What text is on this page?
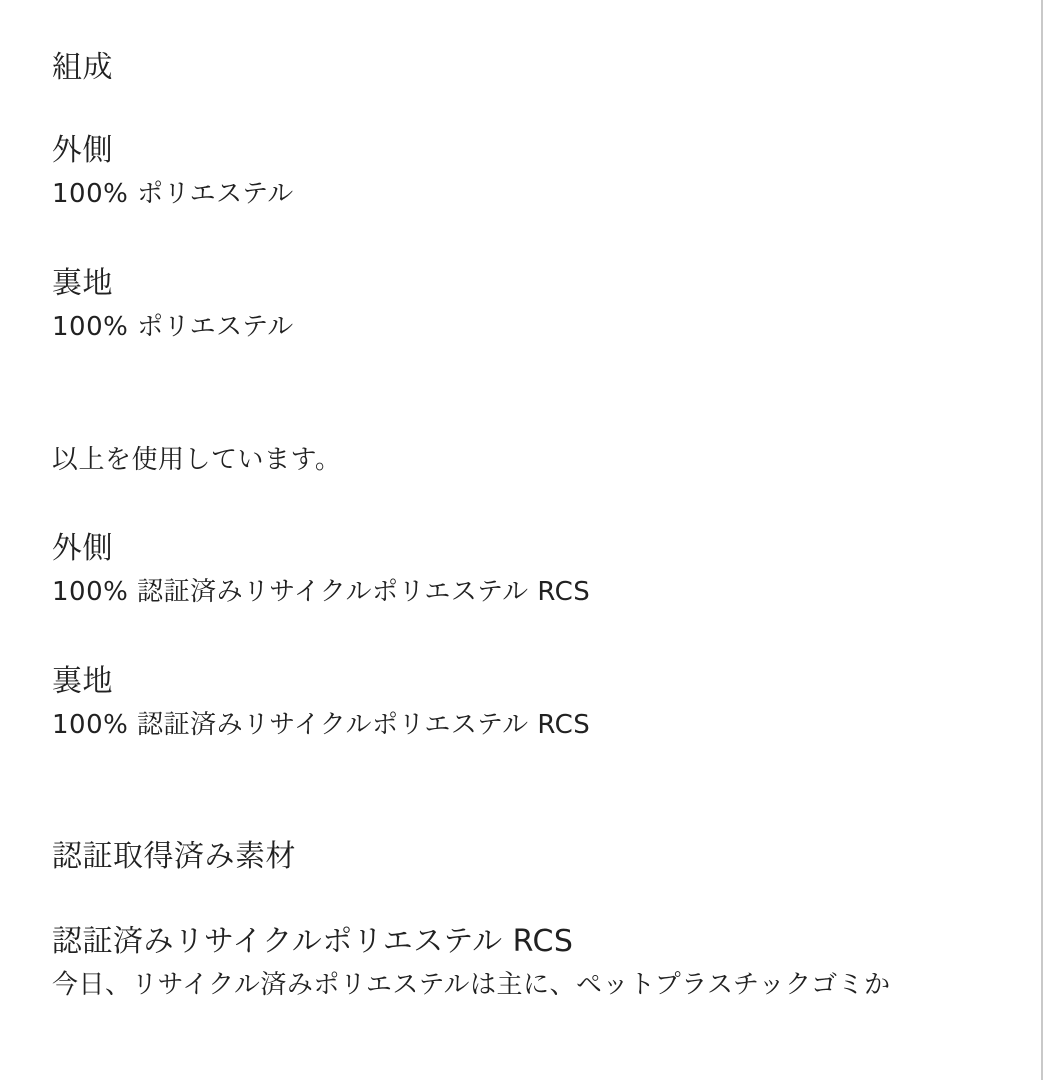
組成
外側
100% ポリエステル
裏地
100% ポリエステル
以上を使用しています。
外側
100% 認証済みリサイクルポリエステル RCS
裏地
100% 認証済みリサイクルポリエステル RCS
認証取得済み素材
認証済みリサイクルポリエステル RCS
今日、リサイクル済みポリエステルは主に、ペットプラスチックゴミか
